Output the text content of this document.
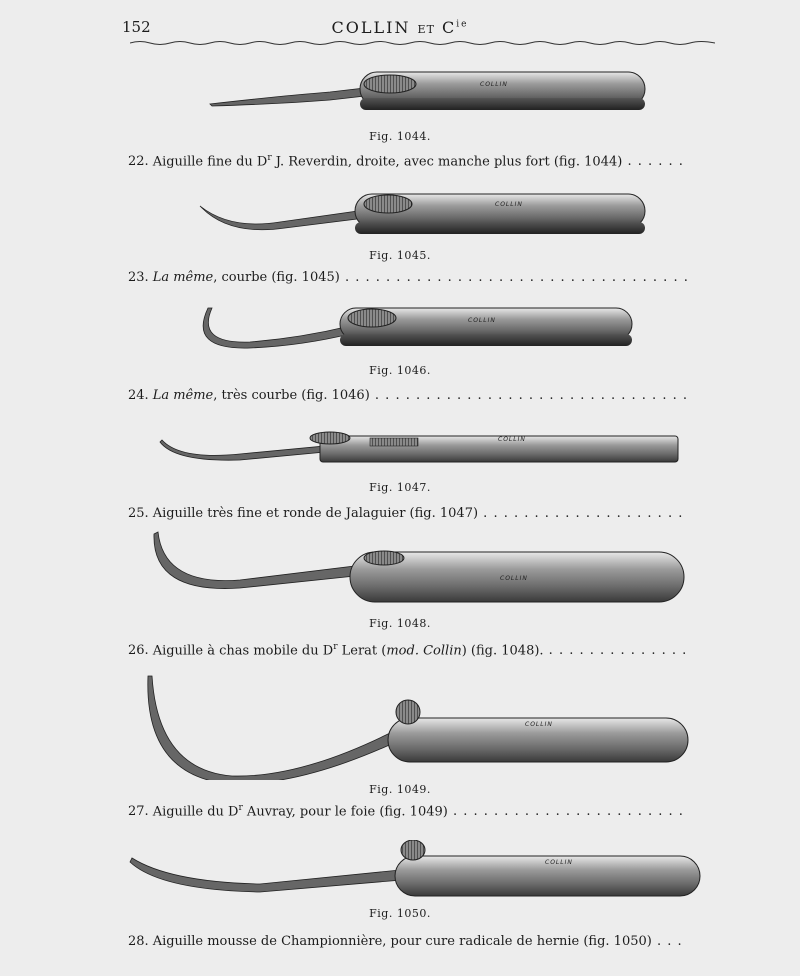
152	COLLIN ET $C^{ie}$
COLLIN
Fig. 1044.
22. Aiguille fine du $D^r$ J. Reverdin, droite, avec manche plus fort (fig. 1044) . . .
COLLIN
Fig. 1045.
23. La même, courbe (fig. 1045) . . .
COLLIN
Fig. 1046.
24. La même, très courbe (fig. 1046) . . .
COLLIN
Fig. 1047.
25. Aiguille très fine et ronde de Jalaguier (fig. 1047) . . .
COLLIN
Fig. 1048.
26. Aiguille à chas mobile du $D^r$ Lerat (mod. Collin) (fig. 1048). . . .
COLLIN
Fig. 1049.
27. Aiguille du $D^r$ Auvray, pour le foie (fig. 1049) . . .
COLLIN
Fig. 1050.
28. Aiguille mousse de Championnière, pour cure radicale de hernie (fig. 1050) . . .
